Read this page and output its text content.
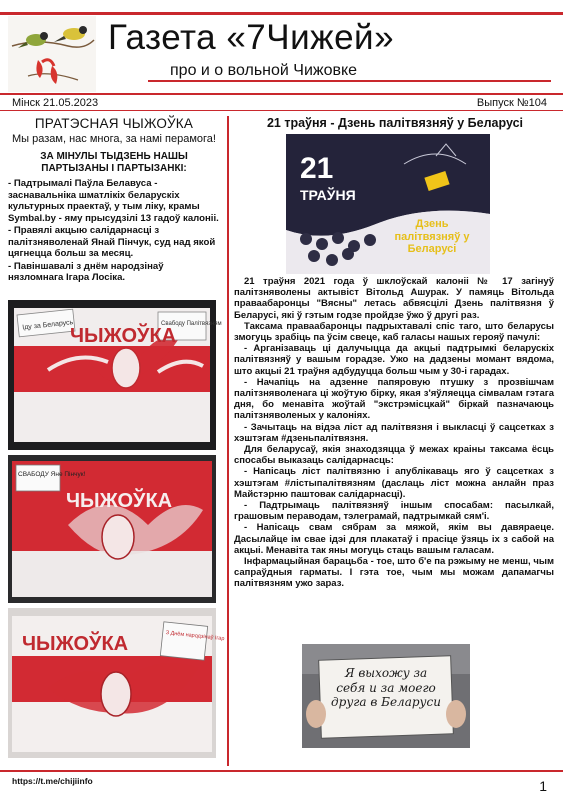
Газета «7Чижей»
про и о вольной Чижовке
Мінск 21.05.2023	Выпуск №104
ПРАТЭСНАЯ ЧЫЖОЎКА
Мы разам, нас многа, за намі перамога!
ЗА МІНУЛЫ ТЫДЗЕНЬ НАШЫ ПАРТЫЗАНЫ І ПАРТЫЗАНКІ:
- Падтрымалі Паўла Белавуса - заснавальніка шматлікіх беларускіх культурных праектаў, у тым ліку, крамы Symbal.by - яму прысудзілі 13 гадоў калоніі.
- Правялі акцыю салідарнасці з палітзняволенай Янай Пінчук, суд над якой цягнецца больш за месяц.
- Павіншавалі з днём народзінаў нязломнага Ігара Лосіка.
Іду за Беларусь	Свабоду Палітвязням
ЧЫЖОЎКА
СВАБОДУ Янe Пінчук!
ЧЫЖОЎКА
З Днём народзінаў Ігар
ЧЫЖОЎКА
21 траўня - Дзень палітвязняў у Беларусі
21
ТРАЎНЯ
Дзень палітвязняў у Беларусі

21 траўня 2021 года ў шклоўскай калоніі № 17 загінуў палітзняволены актывіст Вітольд Ашурак. У памяць Вітольда праваабаронцы "Вясны" летась абвясцілі Дзень палітвязня ў Беларусі, які ў гэтым годзе пройдзе ўжо ў другі раз.

Таксама праваабаронцы падрыхтавалі спіс таго, што беларусы змогуць зрабіць па ўсім свеце, каб галасы нашых герояў пачулі:

- Арганізаваць ці далучыцца да акцыі падтрымкі беларускіх палітвязняў у вашым горадзе. Ужо на дадзены момант вядома, што акцыі 21 траўня адбудуцца больш чым у 30-і гарадах.

- Начапіць на адзенне папяровую птушку з прозвішчам палітзняволенага ці жоўтую бірку, якая з'яўляецца сімвалам гэтага дня, бо менавіта жоўтай "экстрэмісцкай" біркай пазначаюць палітзняволеных у калоніях.

- Зачытаць на відэа ліст ад палітвязня і выкласці ў сацсетках з хэштэгам #дзеньпалітвязня.

Для беларусаў, якія знаходзяцца ў межах краіны таксама ёсць спосабы выказаць салідарнасць:

- Напісаць ліст палітвязню і апублікаваць яго ў сацсетках з хэштэгам #лістыпалітвязням (даслаць ліст можна анлайн праз Майстэрню паштовак салідарнасці).

- Падтрымаць палітвязняў іншым спосабам: пасылкай, грашовым пераводам, тэлеграмай, падтрымкай сям'і.

- Напісаць свам сябрам за мяжой, якім вы давяраеце. Дасылайце ім свае ідэі для плакатаў і прасіце ўзяць іх з сабой на акцыі. Менавіта так яны могуць стаць вашым галасам.

Інфармацыйная барацьба - тое, што б'е па рэжыму не менш, чым сапраўдныя гарматы. І гэта тое, чым мы можам дапамагчы палітвязням ужо зараз.

Я выхожу за себя и за моего друга в Беларуси
https://t.me/chijiinfo	1
